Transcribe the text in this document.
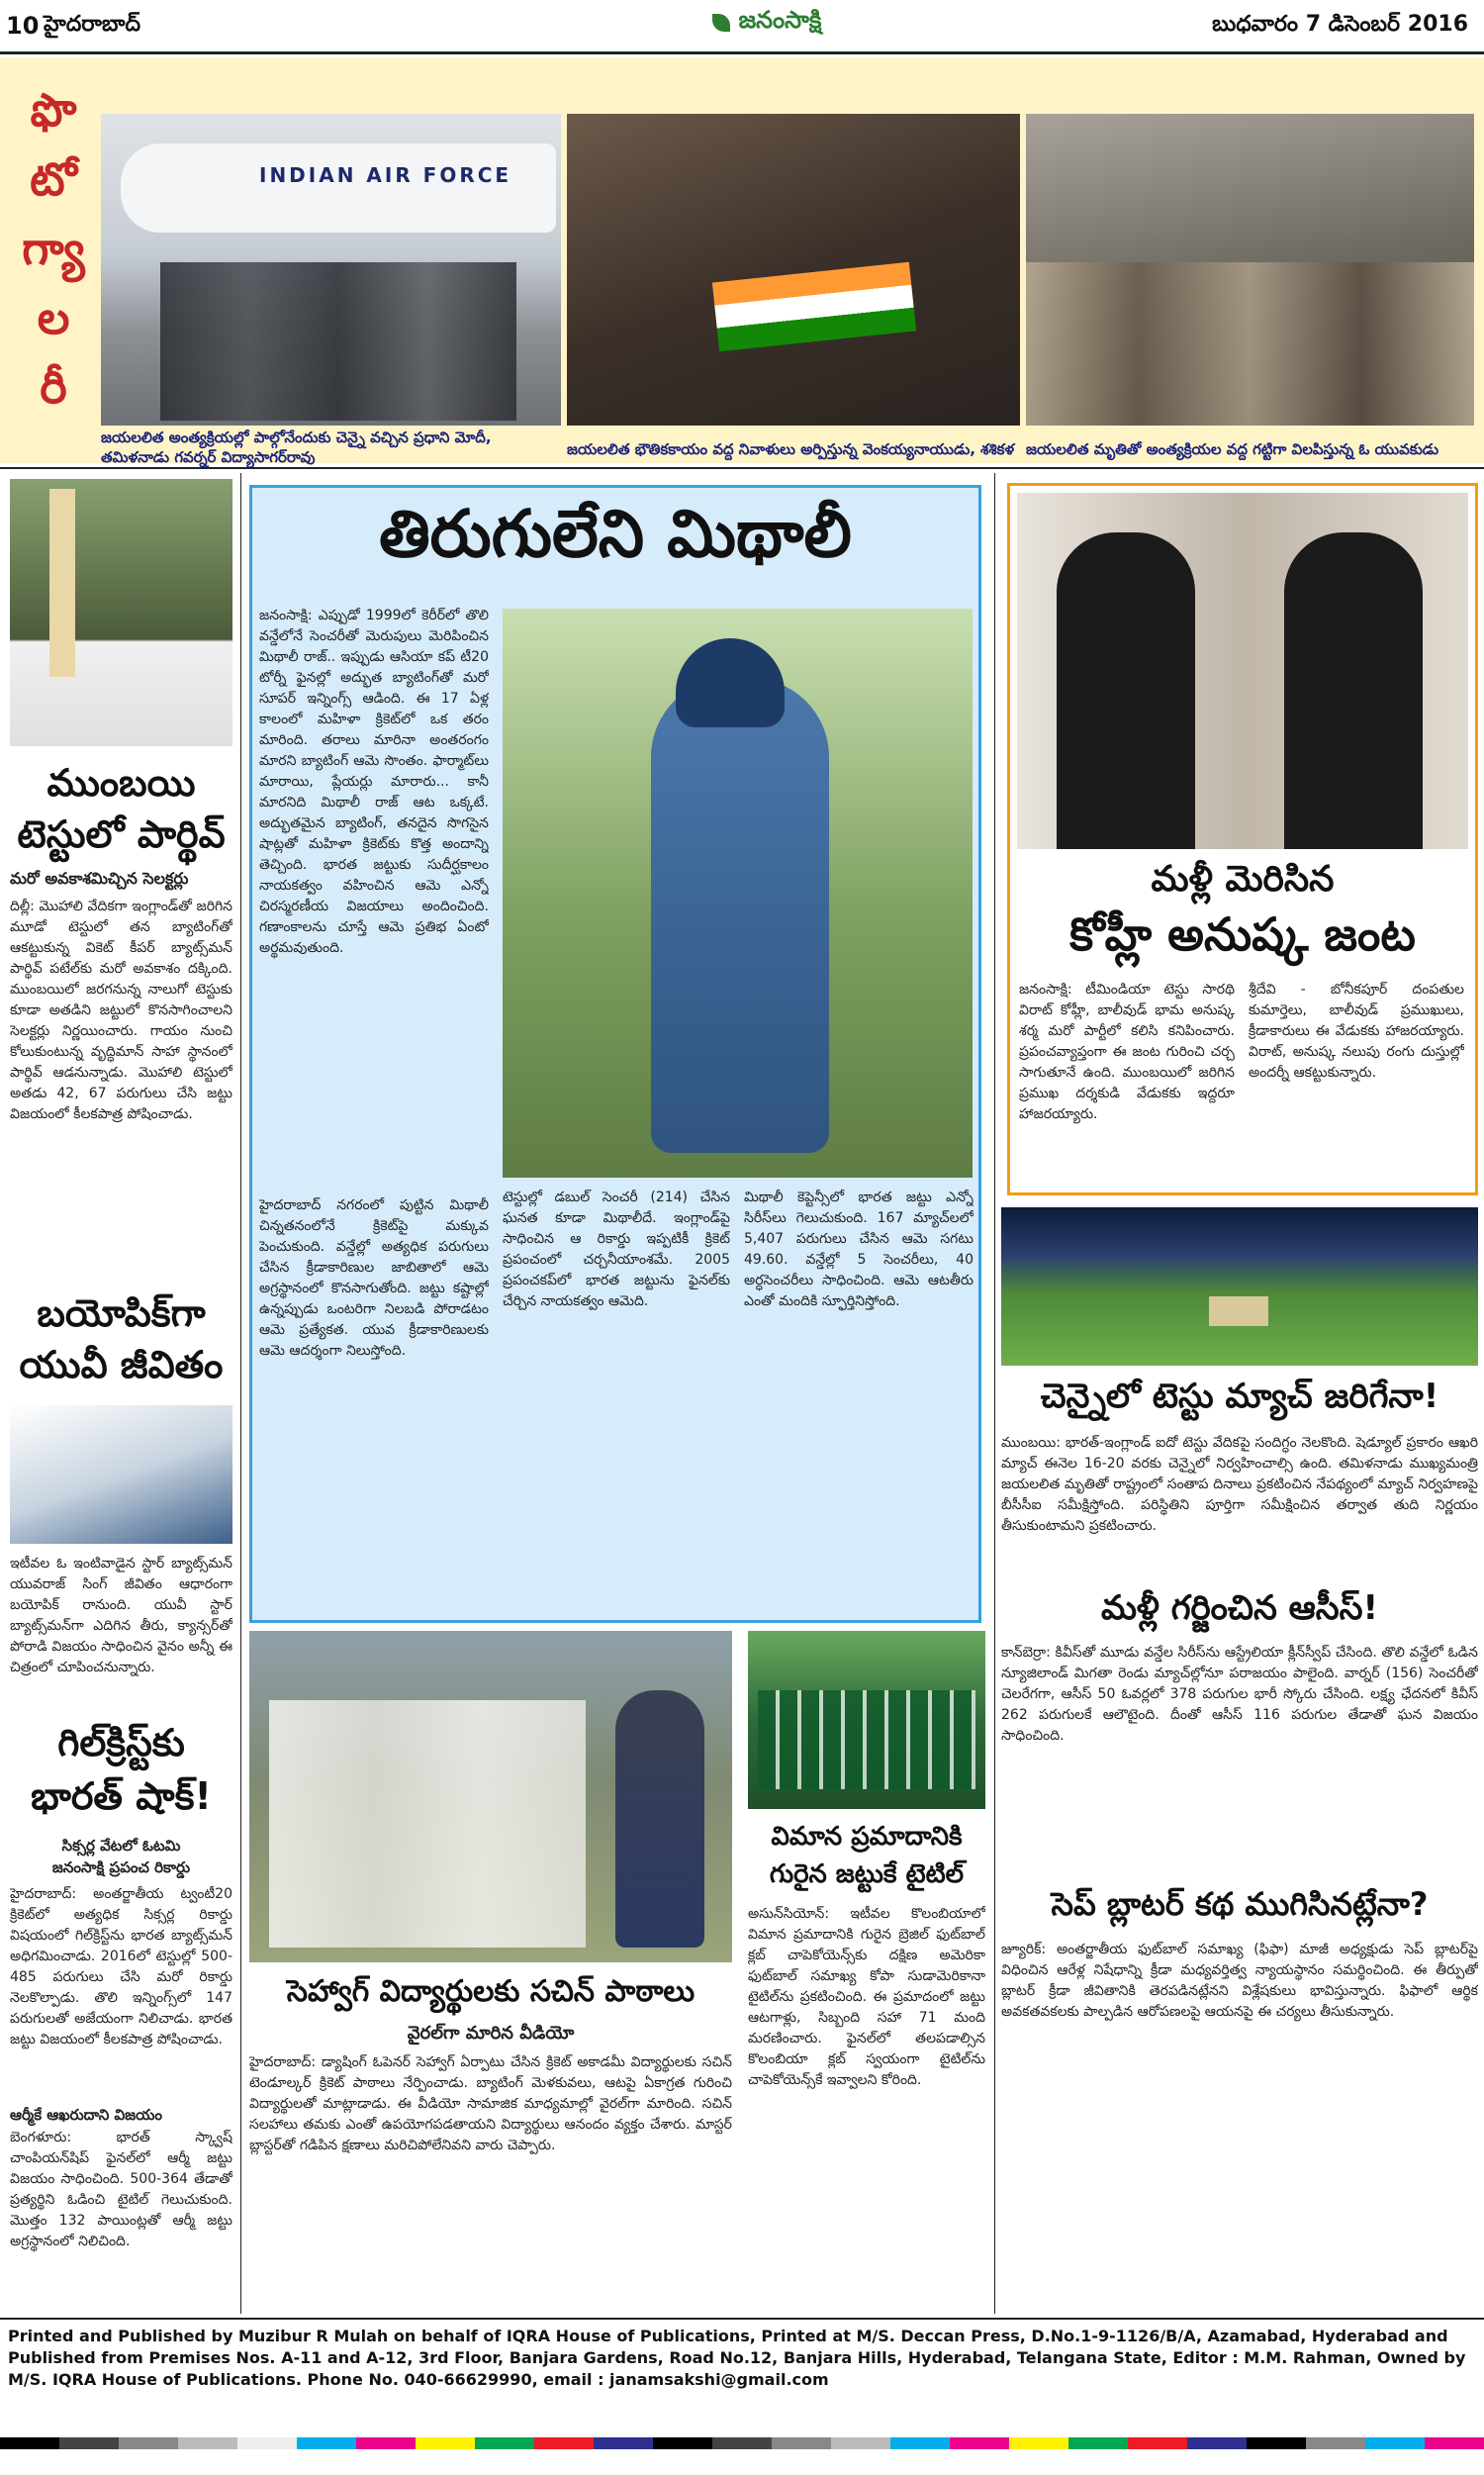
10 హైదరాబాద్	జనంసాక్షి	బుధవారం 7 డిసెంబర్ 2016
ఫొ
టో
గ్యా
ల
రీ
INDIAN AIR FORCE
జయలలిత అంత్యక్రియల్లో పాల్గోనేందుకు చెన్నై వచ్చిన ప్రధాని మోదీ, తమిళనాడు గవర్నర్ విద్యాసాగర్‌రావు	జయలలిత భౌతికకాయం వద్ద నివాళులు అర్పిస్తున్న వెంకయ్యనాయుడు, శశికళ జయలలిత మృతితో అంత్యక్రియల వద్ద గట్టిగా విలపిస్తున్న ఓ యువకుడు
ముంబయి
టెస్టులో పార్థివ్
మరో అవకాశమిచ్చిన సెలక్టర్లు
దిల్లీ: మొహాలి వేదికగా ఇంగ్లాండ్‌తో జరిగిన మూడో టెస్టులో తన బ్యాటింగ్‌తో ఆకట్టుకున్న వికెట్ కీపర్ బ్యాట్స్‌మన్ పార్థివ్ పటేల్‌కు మరో అవకాశం దక్కింది. ముంబయిలో జరగనున్న నాలుగో టెస్టుకు కూడా అతడిని జట్టులో కొనసాగించాలని సెలక్టర్లు నిర్ణయించారు. గాయం నుంచి కోలుకుంటున్న వృద్ధిమాన్ సాహా స్థానంలో పార్థివ్ ఆడనున్నాడు. మొహాలి టెస్టులో అతడు 42, 67 పరుగులు చేసి జట్టు విజయంలో కీలకపాత్ర పోషించాడు.
బయోపిక్‌గా
యువీ జీవితం
ఇటీవల ఓ ఇంటివాడైన స్టార్ బ్యాట్స్‌మన్ యువరాజ్ సింగ్ జీవితం ఆధారంగా బయోపిక్ రానుంది. యువీ స్టార్ బ్యాట్స్‌మన్‌గా ఎదిగిన తీరు, క్యాన్సర్‌తో పోరాడి విజయం సాధించిన వైనం అన్నీ ఈ చిత్రంలో చూపించనున్నారు.
గిల్‌క్రిస్ట్‌కు
భారత్ షాక్!
సిక్సర్ల వేటలో ఓటమి
జనంసాక్షి ప్రపంచ రికార్డు
హైదరాబాద్: అంతర్జాతీయ ట్వంటీ20 క్రికెట్‌లో అత్యధిక సిక్సర్ల రికార్డు విషయంలో గిల్‌క్రిస్ట్‌ను భారత బ్యాట్స్‌మన్ అధిగమించాడు. 2016లో టెస్టుల్లో 500-485 పరుగులు చేసి మరో రికార్డు నెలకొల్పాడు. తొలి ఇన్నింగ్స్‌లో 147 పరుగులతో అజేయంగా నిలిచాడు. భారత జట్టు విజయంలో కీలకపాత్ర పోషించాడు.
ఆర్మీకే ఆఖరుదాని విజయం
బెంగళూరు: భారత్ స్క్వాష్ చాంపియన్‌షిప్ ఫైనల్‌లో ఆర్మీ జట్టు విజయం సాధించింది. 500-364 తేడాతో ప్రత్యర్థిని ఓడించి టైటిల్ గెలుచుకుంది. మొత్తం 132 పాయింట్లతో ఆర్మీ జట్టు అగ్రస్థానంలో నిలిచింది.
తిరుగులేని మిథాలీ
జనంసాక్షి: ఎప్పుడో 1999లో కెరీర్‌లో తొలి వన్డేలోనే సెంచరీతో మెరుపులు మెరిపించిన మిథాలీ రాజ్.. ఇప్పుడు ఆసియా కప్ టీ20 టోర్నీ ఫైనల్లో అద్భుత బ్యాటింగ్‌తో మరో సూపర్ ఇన్నింగ్స్ ఆడింది. ఈ 17 ఏళ్ల కాలంలో మహిళా క్రికెట్‌లో ఒక తరం మారింది. తరాలు మారినా అంతరంగం మారని బ్యాటింగ్ ఆమె సొంతం. ఫార్మాట్‌లు మారాయి, ప్లేయర్లు మారారు... కానీ మారనిది మిథాలీ రాజ్ ఆట ఒక్కటే. అద్భుతమైన బ్యాటింగ్, తనదైన సొగసైన షాట్లతో మహిళా క్రికెట్‌కు కొత్త అందాన్ని తెచ్చింది. భారత జట్టుకు సుదీర్ఘకాలం నాయకత్వం వహించిన ఆమె ఎన్నో చిరస్మరణీయ విజయాలు అందించింది. గణాంకాలను చూస్తే ఆమె ప్రతిభ ఏంటో అర్థమవుతుంది.
హైదరాబాద్ నగరంలో పుట్టిన మిథాలీ చిన్నతనంలోనే క్రికెట్‌పై మక్కువ పెంచుకుంది. వన్డేల్లో అత్యధిక పరుగులు చేసిన క్రీడాకారిణుల జాబితాలో ఆమె అగ్రస్థానంలో కొనసాగుతోంది. జట్టు కష్టాల్లో ఉన్నప్పుడు ఒంటరిగా నిలబడి పోరాడటం ఆమె ప్రత్యేకత. యువ క్రీడాకారిణులకు ఆమె ఆదర్శంగా నిలుస్తోంది.
టెస్టుల్లో డబుల్ సెంచరీ (214) చేసిన ఘనత కూడా మిథాలీదే. ఇంగ్లాండ్‌పై సాధించిన ఆ రికార్డు ఇప్పటికీ క్రికెట్ ప్రపంచంలో చర్చనీయాంశమే. 2005 ప్రపంచకప్‌లో భారత జట్టును ఫైనల్‌కు చేర్చిన నాయకత్వం ఆమెది.
మిథాలీ కెప్టెన్సీలో భారత జట్టు ఎన్నో సిరీస్‌లు గెలుచుకుంది. 167 మ్యాచ్‌లలో 5,407 పరుగులు చేసిన ఆమె సగటు 49.60. వన్డేల్లో 5 సెంచరీలు, 40 అర్ధసెంచరీలు సాధించింది. ఆమె ఆటతీరు ఎంతో మందికి స్ఫూర్తినిస్తోంది.
మళ్లీ మెరిసిన
కోహ్లీ అనుష్క జంట
జనంసాక్షి: టీమిండియా టెస్టు సారథి విరాట్ కోహ్లీ, బాలీవుడ్ భామ అనుష్క శర్మ మరో పార్టీలో కలిసి కనిపించారు. ప్రపంచవ్యాప్తంగా ఈ జంట గురించి చర్చ సాగుతూనే ఉంది. ముంబయిలో జరిగిన ప్రముఖ దర్శకుడి వేడుకకు ఇద్దరూ హాజరయ్యారు.
శ్రీదేవి - బోనీకపూర్ దంపతుల కుమార్తెలు, బాలీవుడ్ ప్రముఖులు, క్రీడాకారులు ఈ వేడుకకు హాజరయ్యారు. విరాట్, అనుష్క నలుపు రంగు దుస్తుల్లో అందర్నీ ఆకట్టుకున్నారు.
చెన్నైలో టెస్టు మ్యాచ్ జరిగేనా!
ముంబయి: భారత్-ఇంగ్లాండ్ ఐదో టెస్టు వేదికపై సందిగ్ధం నెలకొంది. షెడ్యూల్ ప్రకారం ఆఖరి మ్యాచ్ ఈనెల 16-20 వరకు చెన్నైలో నిర్వహించాల్సి ఉంది. తమిళనాడు ముఖ్యమంత్రి జయలలిత మృతితో రాష్ట్రంలో సంతాప దినాలు ప్రకటించిన నేపథ్యంలో మ్యాచ్ నిర్వహణపై బీసీసీఐ సమీక్షిస్తోంది. పరిస్థితిని పూర్తిగా సమీక్షించిన తర్వాత తుది నిర్ణయం తీసుకుంటామని ప్రకటించారు.
మళ్లీ గర్జించిన ఆసీస్!
కాన్‌బెర్రా: కివీస్‌తో మూడు వన్డేల సిరీస్‌ను ఆస్ట్రేలియా క్లీన్‌స్వీప్ చేసింది. తొలి వన్డేలో ఓడిన న్యూజిలాండ్ మిగతా రెండు మ్యాచ్‌ల్లోనూ పరాజయం పాలైంది. వార్నర్ (156) సెంచరీతో చెలరేగగా, ఆసీస్ 50 ఓవర్లలో 378 పరుగుల భారీ స్కోరు చేసింది. లక్ష్య ఛేదనలో కివీస్ 262 పరుగులకే ఆలౌటైంది. దీంతో ఆసీస్ 116 పరుగుల తేడాతో ఘన విజయం సాధించింది.
సెప్ బ్లాటర్ కథ ముగిసినట్లేనా?
జ్యూరిక్: అంతర్జాతీయ ఫుట్‌బాల్ సమాఖ్య (ఫిఫా) మాజీ అధ్యక్షుడు సెప్ బ్లాటర్‌పై విధించిన ఆరేళ్ల నిషేధాన్ని క్రీడా మధ్యవర్తిత్వ న్యాయస్థానం సమర్థించింది. ఈ తీర్పుతో బ్లాటర్ క్రీడా జీవితానికి తెరపడినట్లేనని విశ్లేషకులు భావిస్తున్నారు. ఫిఫాలో ఆర్థిక అవకతవకలకు పాల్పడిన ఆరోపణలపై ఆయనపై ఈ చర్యలు తీసుకున్నారు.
సెహ్వాగ్ విద్యార్థులకు సచిన్ పాఠాలు
వైరల్‌గా మారిన వీడియో
హైదరాబాద్: డ్యాషింగ్ ఓపెనర్ సెహ్వాగ్ ఏర్పాటు చేసిన క్రికెట్ అకాడమీ విద్యార్థులకు సచిన్ టెండూల్కర్ క్రికెట్ పాఠాలు నేర్పించాడు. బ్యాటింగ్ మెళకువలు, ఆటపై ఏకాగ్రత గురించి విద్యార్థులతో మాట్లాడాడు. ఈ వీడియో సామాజిక మాధ్యమాల్లో వైరల్‌గా మారింది. సచిన్ సలహాలు తమకు ఎంతో ఉపయోగపడతాయని విద్యార్థులు ఆనందం వ్యక్తం చేశారు. మాస్టర్ బ్లాస్టర్‌తో గడిపిన క్షణాలు మరిచిపోలేనివని వారు చెప్పారు.
విమాన ప్రమాదానికి
గురైన జట్టుకే టైటిల్
అసున్‌సియోన్: ఇటీవల కొలంబియాలో విమాన ప్రమాదానికి గురైన బ్రెజిల్ ఫుట్‌బాల్ క్లబ్ చాపెకోయెన్స్‌కు దక్షిణ అమెరికా ఫుట్‌బాల్ సమాఖ్య కోపా సుడామెరికానా టైటిల్‌ను ప్రకటించింది. ఈ ప్రమాదంలో జట్టు ఆటగాళ్లు, సిబ్బంది సహా 71 మంది మరణించారు. ఫైనల్‌లో తలపడాల్సిన కొలంబియా క్లబ్ స్వయంగా టైటిల్‌ను చాపెకోయెన్స్‌కే ఇవ్వాలని కోరింది.
Printed and Published by Muzibur R Mulah on behalf of IQRA House of Publications, Printed at M/S. Deccan Press, D.No.1-9-1126/B/A, Azamabad, Hyderabad and Published from Premises Nos. A-11 and A-12, 3rd Floor, Banjara Gardens, Road No.12, Banjara Hills, Hyderabad, Telangana State, Editor : M.M. Rahman, Owned by M/S. IQRA House of Publications. Phone No. 040-66629990, email : janamsakshi@gmail.com
